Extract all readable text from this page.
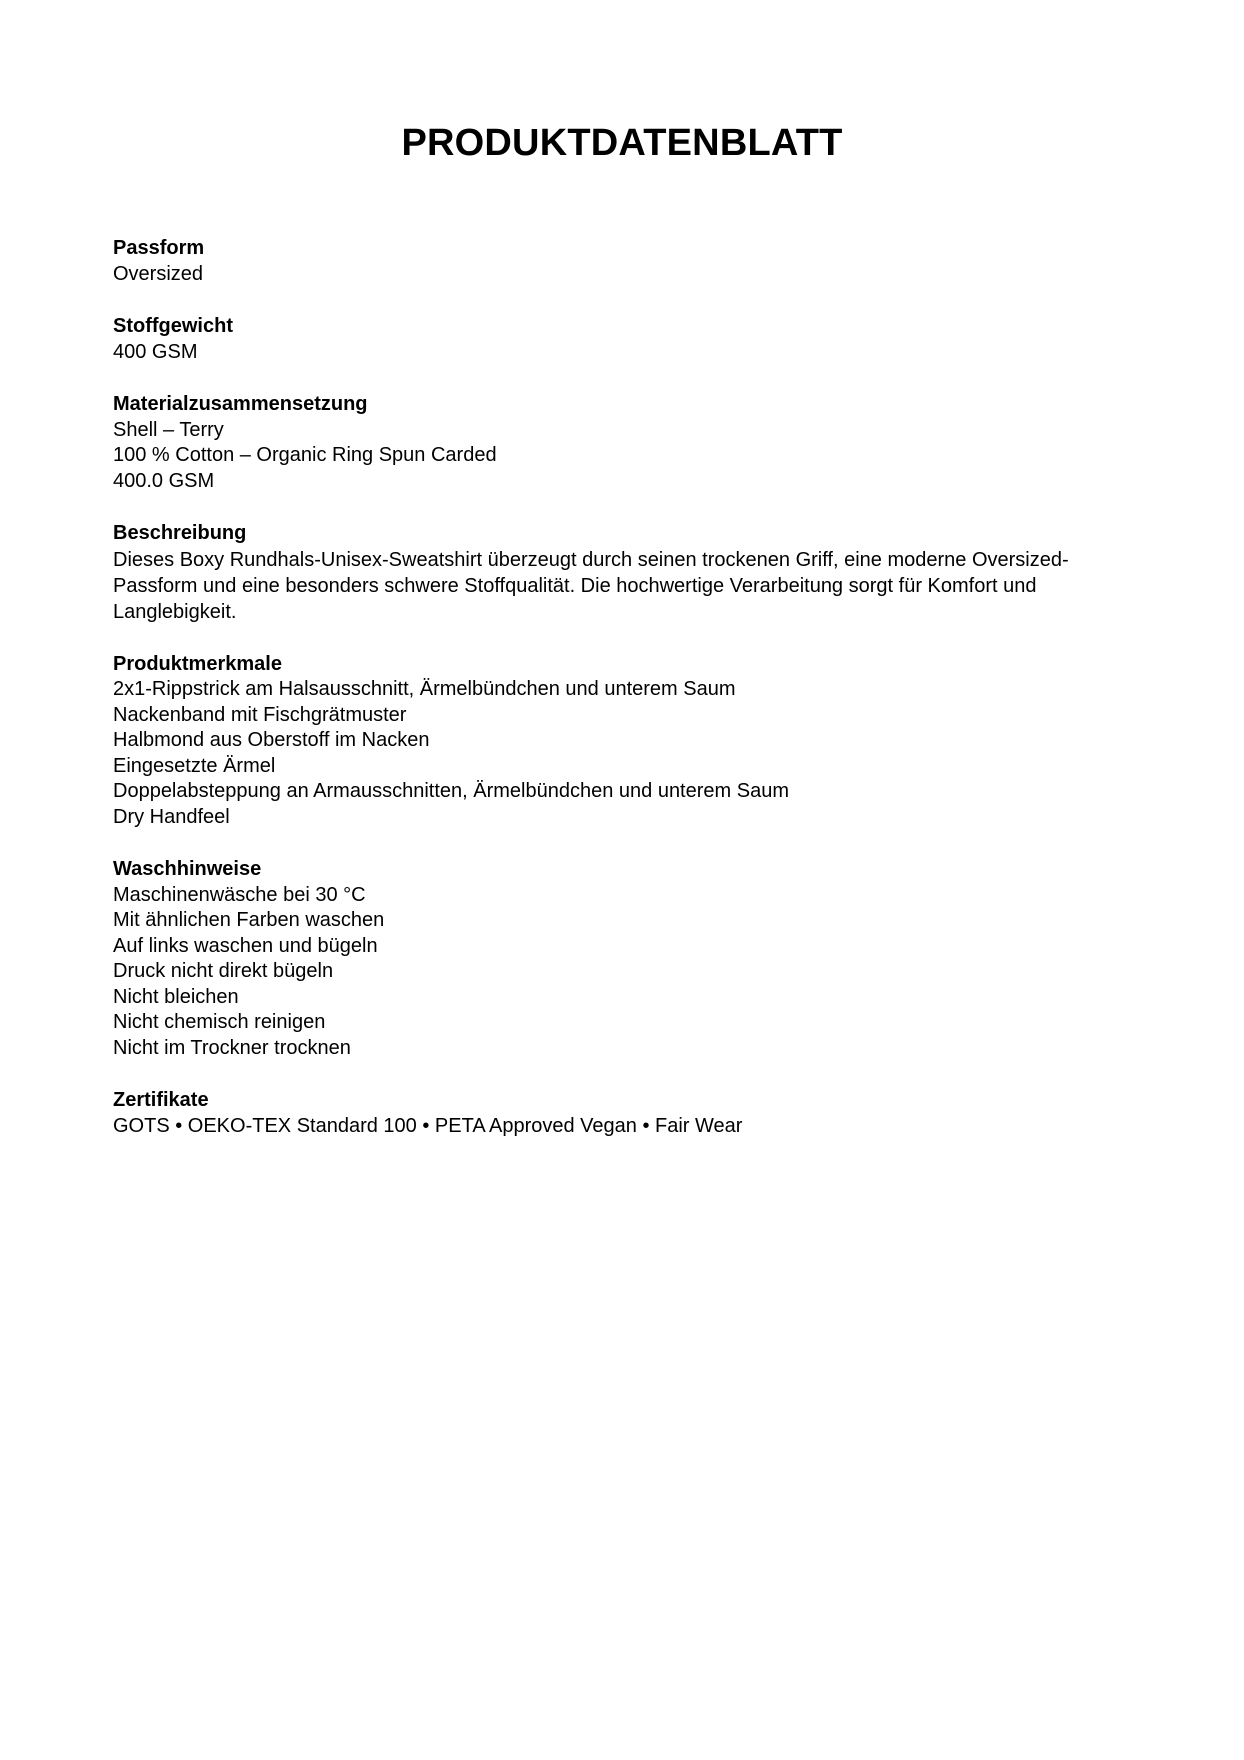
PRODUKTDATENBLATT
Passform
Oversized
Stoffgewicht
400 GSM
Materialzusammensetzung
Shell – Terry
100 % Cotton – Organic Ring Spun Carded
400.0 GSM
Beschreibung
Dieses Boxy Rundhals-Unisex-Sweatshirt überzeugt durch seinen trockenen Griff, eine moderne Oversized-Passform und eine besonders schwere Stoffqualität. Die hochwertige Verarbeitung sorgt für Komfort und Langlebigkeit.
Produktmerkmale
2x1-Rippstrick am Halsausschnitt, Ärmelbündchen und unterem Saum
Nackenband mit Fischgrätmuster
Halbmond aus Oberstoff im Nacken
Eingesetzte Ärmel
Doppelabsteppung an Armausschnitten, Ärmelbündchen und unterem Saum
Dry Handfeel
Waschhinweise
Maschinenwäsche bei 30 °C
Mit ähnlichen Farben waschen
Auf links waschen und bügeln
Druck nicht direkt bügeln
Nicht bleichen
Nicht chemisch reinigen
Nicht im Trockner trocknen
Zertifikate
GOTS • OEKO-TEX Standard 100 • PETA Approved Vegan • Fair Wear
